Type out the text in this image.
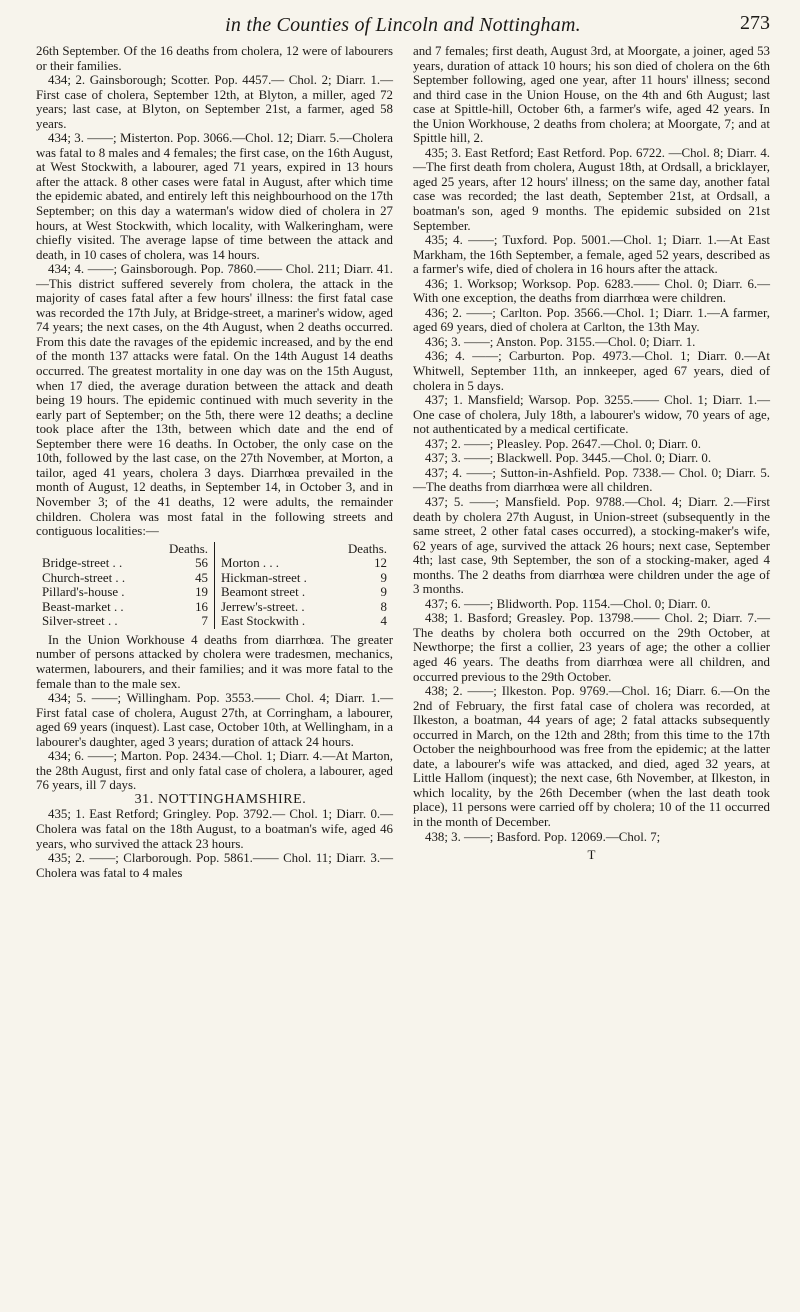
in the Counties of Lincoln and Nottingham.	273

26th September. Of the 16 deaths from cholera, 12 were of labourers or their families.

434; 2. Gainsborough; Scotter. Pop. 4457.— Chol. 2; Diarr. 1.—First case of cholera, September 12th, at Blyton, a miller, aged 72 years; last case, at Blyton, on September 21st, a farmer, aged 58 years.

434; 3. ——; Misterton. Pop. 3066.—Chol. 12; Diarr. 5.—Cholera was fatal to 8 males and 4 females; the first case, on the 16th August, at West Stockwith, a labourer, aged 71 years, expired in 13 hours after the attack. 8 other cases were fatal in August, after which time the epidemic abated, and entirely left this neighbourhood on the 17th September; on this day a waterman's widow died of cholera in 27 hours, at West Stockwith, which locality, with Walkeringham, were chiefly visited. The average lapse of time between the attack and death, in 10 cases of cholera, was 14 hours.

434; 4. ——; Gainsborough. Pop. 7860.—— Chol. 211; Diarr. 41.—This district suffered severely from cholera, the attack in the majority of cases fatal after a few hours' illness: the first fatal case was recorded the 17th July, at Bridge-street, a mariner's widow, aged 74 years; the next cases, on the 4th August, when 2 deaths occurred. From this date the ravages of the epidemic increased, and by the end of the month 137 attacks were fatal. On the 14th August 14 deaths occurred. The greatest mortality in one day was on the 15th August, when 17 died, the average duration between the attack and death being 19 hours. The epidemic continued with much severity in the early part of September; on the 5th, there were 12 deaths; a decline took place after the 13th, between which date and the end of September there were 16 deaths. In October, the only case on the 10th, followed by the last case, on the 27th November, at Morton, a tailor, aged 41 years, cholera 3 days. Diarrhœa prevailed in the month of August, 12 deaths, in September 14, in October 3, and in November 3; of the 41 deaths, 12 were adults, the remainder children. Cholera was most fatal in the following streets and contiguous localities:—

Deaths.
Bridge-street . .	56
Church-street . .	45
Pillard's-house .	19
Beast-market . .	16
Silver-street . .	7
Deaths.
Morton . . .	12
Hickman-street .	9
Beamont street .	9
Jerrew's-street. .	8
East Stockwith .	4

In the Union Workhouse 4 deaths from diarrhœa. The greater number of persons attacked by cholera were tradesmen, mechanics, watermen, labourers, and their families; and it was more fatal to the female than to the male sex.

434; 5. ——; Willingham. Pop. 3553.—— Chol. 4; Diarr. 1.—First fatal case of cholera, August 27th, at Corringham, a labourer, aged 69 years (inquest). Last case, October 10th, at Wellingham, in a labourer's daughter, aged 3 years; duration of attack 24 hours.

434; 6. ——; Marton. Pop. 2434.—Chol. 1; Diarr. 4.—At Marton, the 28th August, first and only fatal case of cholera, a labourer, aged 76 years, ill 7 days.

31. NOTTINGHAMSHIRE.

435; 1. East Retford; Gringley. Pop. 3792.— Chol. 1; Diarr. 0.—Cholera was fatal on the 18th August, to a boatman's wife, aged 46 years, who survived the attack 23 hours.

435; 2. ——; Clarborough. Pop. 5861.—— Chol. 11; Diarr. 3.—Cholera was fatal to 4 males

and 7 females; first death, August 3rd, at Moorgate, a joiner, aged 53 years, duration of attack 10 hours; his son died of cholera on the 6th September following, aged one year, after 11 hours' illness; second and third case in the Union House, on the 4th and 6th August; last case at Spittle-hill, October 6th, a farmer's wife, aged 42 years. In the Union Workhouse, 2 deaths from cholera; at Moorgate, 7; and at Spittle hill, 2.

435; 3. East Retford; East Retford. Pop. 6722. —Chol. 8; Diarr. 4.—The first death from cholera, August 18th, at Ordsall, a bricklayer, aged 25 years, after 12 hours' illness; on the same day, another fatal case was recorded; the last death, September 21st, at Ordsall, a boatman's son, aged 9 months. The epidemic subsided on 21st September.

435; 4. ——; Tuxford. Pop. 5001.—Chol. 1; Diarr. 1.—At East Markham, the 16th September, a female, aged 52 years, described as a farmer's wife, died of cholera in 16 hours after the attack.

436; 1. Worksop; Worksop. Pop. 6283.—— Chol. 0; Diarr. 6.—With one exception, the deaths from diarrhœa were children.

436; 2. ——; Carlton. Pop. 3566.—Chol. 1; Diarr. 1.—A farmer, aged 69 years, died of cholera at Carlton, the 13th May.

436; 3. ——; Anston. Pop. 3155.—Chol. 0; Diarr. 1.

436; 4. ——; Carburton. Pop. 4973.—Chol. 1; Diarr. 0.—At Whitwell, September 11th, an innkeeper, aged 67 years, died of cholera in 5 days.

437; 1. Mansfield; Warsop. Pop. 3255.—— Chol. 1; Diarr. 1.—One case of cholera, July 18th, a labourer's widow, 70 years of age, not authenticated by a medical certificate.

437; 2. ——; Pleasley. Pop. 2647.—Chol. 0; Diarr. 0.

437; 3. ——; Blackwell. Pop. 3445.—Chol. 0; Diarr. 0.

437; 4. ——; Sutton-in-Ashfield. Pop. 7338.— Chol. 0; Diarr. 5.—The deaths from diarrhœa were all children.

437; 5. ——; Mansfield. Pop. 9788.—Chol. 4; Diarr. 2.—First death by cholera 27th August, in Union-street (subsequently in the same street, 2 other fatal cases occurred), a stocking-maker's wife, 62 years of age, survived the attack 26 hours; next case, September 4th; last case, 9th September, the son of a stocking-maker, aged 4 months. The 2 deaths from diarrhœa were children under the age of 3 months.

437; 6. ——; Blidworth. Pop. 1154.—Chol. 0; Diarr. 0.

438; 1. Basford; Greasley. Pop. 13798.—— Chol. 2; Diarr. 7.—The deaths by cholera both occurred on the 29th October, at Newthorpe; the first a collier, 23 years of age; the other a collier aged 46 years. The deaths from diarrhœa were all children, and occurred previous to the 29th October.

438; 2. ——; Ilkeston. Pop. 9769.—Chol. 16; Diarr. 6.—On the 2nd of February, the first fatal case of cholera was recorded, at Ilkeston, a boatman, 44 years of age; 2 fatal attacks subsequently occurred in March, on the 12th and 28th; from this time to the 17th October the neighbourhood was free from the epidemic; at the latter date, a labourer's wife was attacked, and died, aged 32 years, at Little Hallom (inquest); the next case, 6th November, at Ilkeston, in which locality, by the 26th December (when the last death took place), 11 persons were carried off by cholera; 10 of the 11 occurred in the month of December.

438; 3. ——; Basford. Pop. 12069.—Chol. 7;

T
